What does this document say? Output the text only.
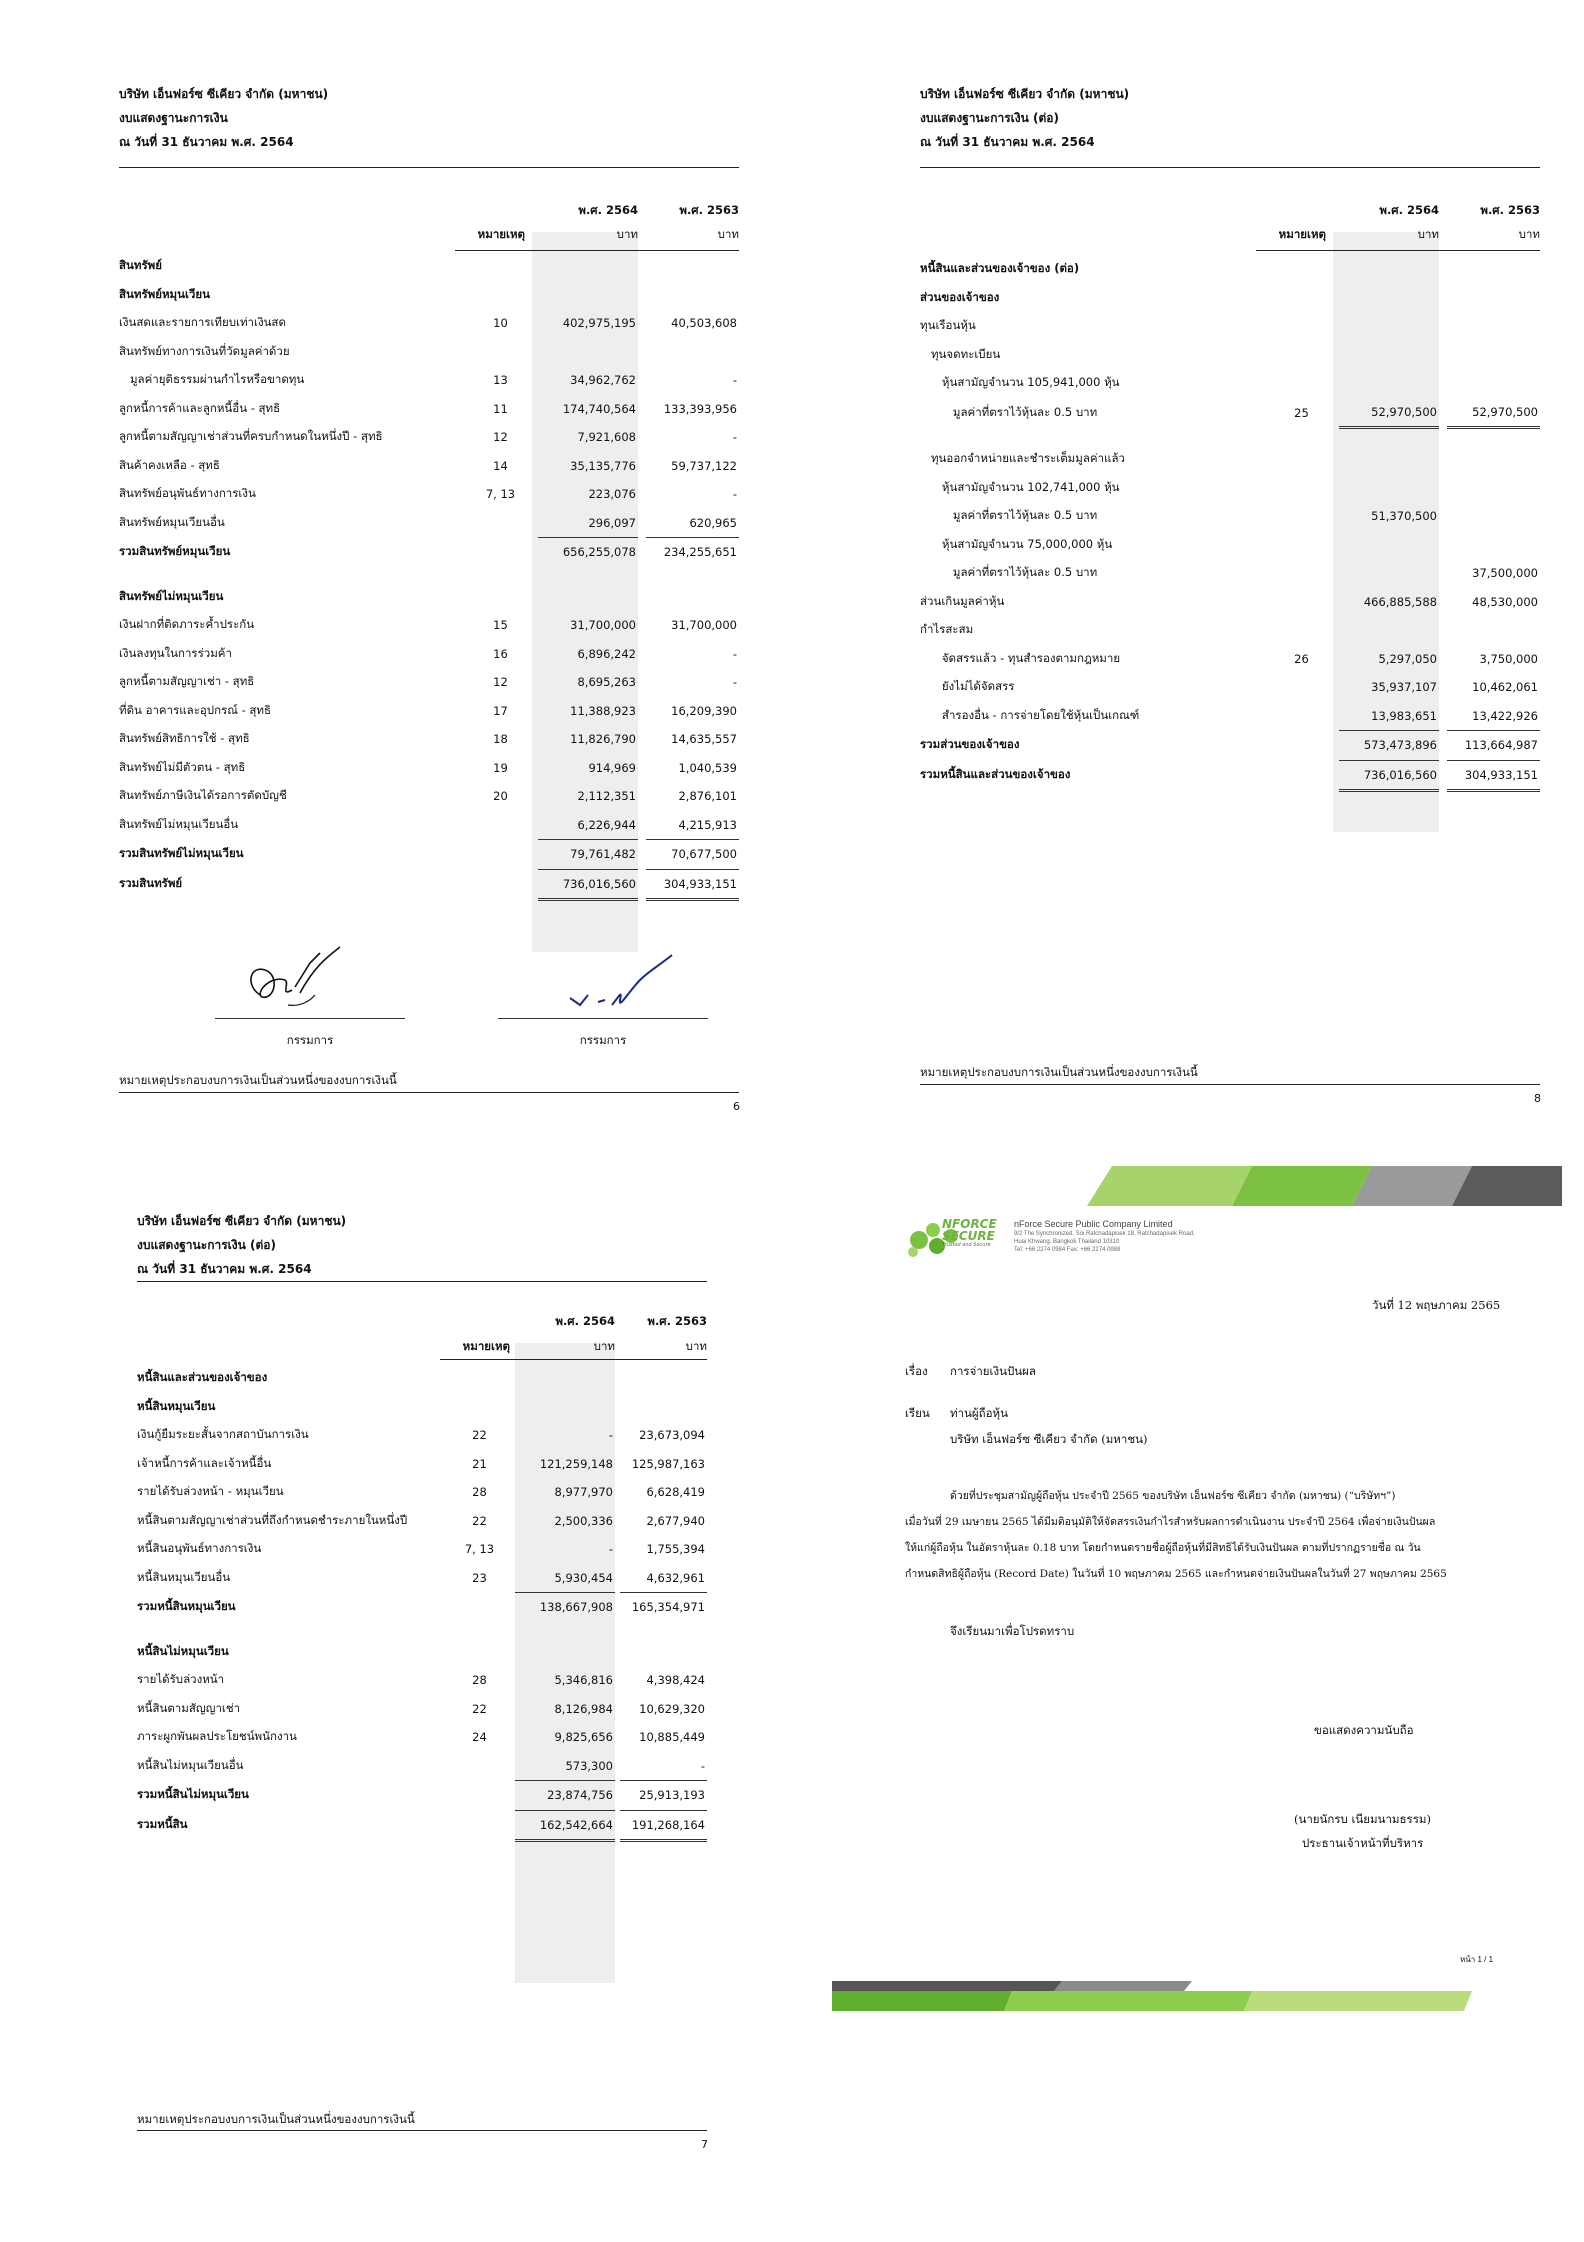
บริษัท เอ็นฟอร์ซ ซีเคียว จำกัด (มหาชน)
งบแสดงฐานะการเงิน
ณ วันที่ 31 ธันวาคม พ.ศ. 2564
พ.ศ. 2564	พ.ศ. 2563
หมายเหตุ	บาท	บาท
สินทรัพย์					
สินทรัพย์หมุนเวียน					
เงินสดและรายการเทียบเท่าเงินสด	10		402,975,195		40,503,608
สินทรัพย์ทางการเงินที่วัดมูลค่าด้วย					
มูลค่ายุติธรรมผ่านกำไรหรือขาดทุน	13		34,962,762		-
ลูกหนี้การค้าและลูกหนี้อื่น - สุทธิ	11		174,740,564		133,393,956
ลูกหนี้ตามสัญญาเช่าส่วนที่ครบกำหนดในหนึ่งปี - สุทธิ	12		7,921,608		-
สินค้าคงเหลือ - สุทธิ	14		35,135,776		59,737,122
สินทรัพย์อนุพันธ์ทางการเงิน	7, 13		223,076		-
สินทรัพย์หมุนเวียนอื่น			296,097		620,965
รวมสินทรัพย์หมุนเวียน			656,255,078		234,255,651

สินทรัพย์ไม่หมุนเวียน					
เงินฝากที่ติดภาระค้ำประกัน	15		31,700,000		31,700,000
เงินลงทุนในการร่วมค้า	16		6,896,242		-
ลูกหนี้ตามสัญญาเช่า - สุทธิ	12		8,695,263		-
ที่ดิน อาคารและอุปกรณ์ - สุทธิ	17		11,388,923		16,209,390
สินทรัพย์สิทธิการใช้ - สุทธิ	18		11,826,790		14,635,557
สินทรัพย์ไม่มีตัวตน - สุทธิ	19		914,969		1,040,539
สินทรัพย์ภาษีเงินได้รอการตัดบัญชี	20		2,112,351		2,876,101
สินทรัพย์ไม่หมุนเวียนอื่น			6,226,944		4,215,913
รวมสินทรัพย์ไม่หมุนเวียน			79,761,482		70,677,500
รวมสินทรัพย์			736,016,560		304,933,151
กรรมการ	กรรมการ
หมายเหตุประกอบงบการเงินเป็นส่วนหนึ่งของงบการเงินนี้
6
บริษัท เอ็นฟอร์ซ ซีเคียว จำกัด (มหาชน)
งบแสดงฐานะการเงิน (ต่อ)
ณ วันที่ 31 ธันวาคม พ.ศ. 2564
พ.ศ. 2564	พ.ศ. 2563
หมายเหตุ	บาท	บาท
หนี้สินและส่วนของเจ้าของ (ต่อ)					
ส่วนของเจ้าของ					
ทุนเรือนหุ้น					
ทุนจดทะเบียน					
หุ้นสามัญจำนวน 105,941,000 หุ้น					
มูลค่าที่ตราไว้หุ้นละ 0.5 บาท	25		52,970,500		52,970,500

ทุนออกจำหน่ายและชำระเต็มมูลค่าแล้ว					
หุ้นสามัญจำนวน 102,741,000 หุ้น					
มูลค่าที่ตราไว้หุ้นละ 0.5 บาท			51,370,500		
หุ้นสามัญจำนวน 75,000,000 หุ้น					
มูลค่าที่ตราไว้หุ้นละ 0.5 บาท					37,500,000
ส่วนเกินมูลค่าหุ้น			466,885,588		48,530,000
กำไรสะสม					
จัดสรรแล้ว - ทุนสำรองตามกฎหมาย	26		5,297,050		3,750,000
ยังไม่ได้จัดสรร			35,937,107		10,462,061
สำรองอื่น - การจ่ายโดยใช้หุ้นเป็นเกณฑ์			13,983,651		13,422,926
รวมส่วนของเจ้าของ			573,473,896		113,664,987
รวมหนี้สินและส่วนของเจ้าของ			736,016,560		304,933,151
หมายเหตุประกอบงบการเงินเป็นส่วนหนึ่งของงบการเงินนี้
8
บริษัท เอ็นฟอร์ซ ซีเคียว จำกัด (มหาชน)
งบแสดงฐานะการเงิน (ต่อ)
ณ วันที่ 31 ธันวาคม พ.ศ. 2564
พ.ศ. 2564	พ.ศ. 2563
หมายเหตุ	บาท	บาท
หนี้สินและส่วนของเจ้าของ					
หนี้สินหมุนเวียน					
เงินกู้ยืมระยะสั้นจากสถาบันการเงิน	22		-		23,673,094
เจ้าหนี้การค้าและเจ้าหนี้อื่น	21		121,259,148		125,987,163
รายได้รับล่วงหน้า - หมุนเวียน	28		8,977,970		6,628,419
หนี้สินตามสัญญาเช่าส่วนที่ถึงกำหนดชำระภายในหนึ่งปี	22		2,500,336		2,677,940
หนี้สินอนุพันธ์ทางการเงิน	7, 13		-		1,755,394
หนี้สินหมุนเวียนอื่น	23		5,930,454		4,632,961
รวมหนี้สินหมุนเวียน			138,667,908		165,354,971

หนี้สินไม่หมุนเวียน					
รายได้รับล่วงหน้า	28		5,346,816		4,398,424
หนี้สินตามสัญญาเช่า	22		8,126,984		10,629,320
ภาระผูกพันผลประโยชน์พนักงาน	24		9,825,656		10,885,449
หนี้สินไม่หมุนเวียนอื่น			573,300		-
รวมหนี้สินไม่หมุนเวียน			23,874,756		25,913,193
รวมหนี้สิน			162,542,664		191,268,164
หมายเหตุประกอบงบการเงินเป็นส่วนหนึ่งของงบการเงินนี้
7
NFORCE
SECURE
Trusted and Secure
nForce Secure Public Company Limited
9/2 The Synchronized, Soi Ratchadapisek 18, Ratchadapisek Road,
Huai Khwang, Bangkok Thailand 10310
Tel: +66 2274 0984 Fax: +66 2274 0988
วันที่ 12 พฤษภาคม 2565
เรื่อง การจ่ายเงินปันผล
เรียน ท่านผู้ถือหุ้น
บริษัท เอ็นฟอร์ซ ซีเคียว จำกัด (มหาชน)
ด้วยที่ประชุมสามัญผู้ถือหุ้น ประจำปี 2565 ของบริษัท เอ็นฟอร์ซ ซีเคียว จำกัด (มหาชน) (“บริษัทฯ”)
เมื่อวันที่ 29 เมษายน 2565 ได้มีมติอนุมัติให้จัดสรรเงินกำไรสำหรับผลการดำเนินงาน ประจำปี 2564 เพื่อจ่ายเงินปันผล
ให้แก่ผู้ถือหุ้น ในอัตราหุ้นละ 0.18 บาท โดยกำหนดรายชื่อผู้ถือหุ้นที่มีสิทธิได้รับเงินปันผล ตามที่ปรากฏรายชื่อ ณ วัน
กำหนดสิทธิผู้ถือหุ้น (Record Date) ในวันที่ 10 พฤษภาคม 2565 และกำหนดจ่ายเงินปันผลในวันที่ 27 พฤษภาคม 2565
จึงเรียนมาเพื่อโปรดทราบ
ขอแสดงความนับถือ
(นายนักรบ เนียมนามธรรม)
ประธานเจ้าหน้าที่บริหาร
หน้า 1 / 1
